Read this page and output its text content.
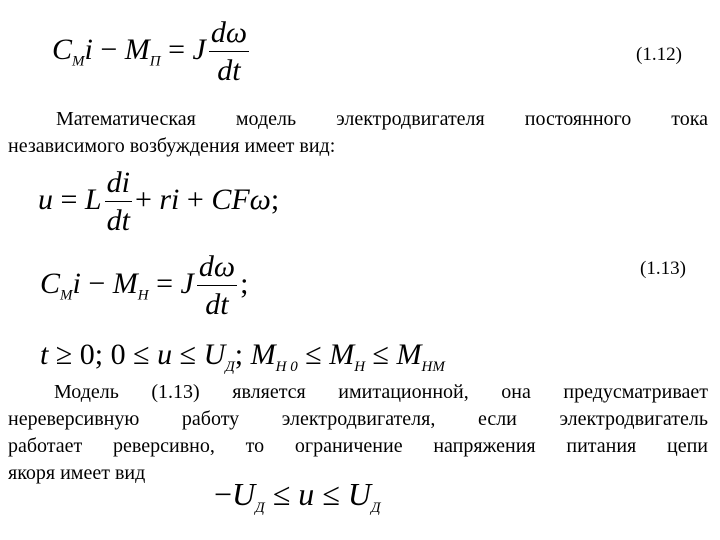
$C_Мi - M_П = J \frac{d\omega}{dt}$	(1.12)
Математическая модель электродвигателя постоянного тока
независимого возбуждения имеет вид:
u = L $\frac{di}{dt}$ + ri + CFω;
$C_Мi - M_Н = J \frac{d\omega}{dt}$ ;	(1.13)
t ≥ 0; $0 \le u \le U_Д$; $M_{Н 0} \le M_Н \le M_{НМ}$
Модель (1.13) является имитационной, она предусматривает
нереверсивную работу электродвигателя, если электродвигатель
работает реверсивно, то ограничение напряжения питания цепи
якоря имеет вид
$-U_Д \le u \le U_Д$
